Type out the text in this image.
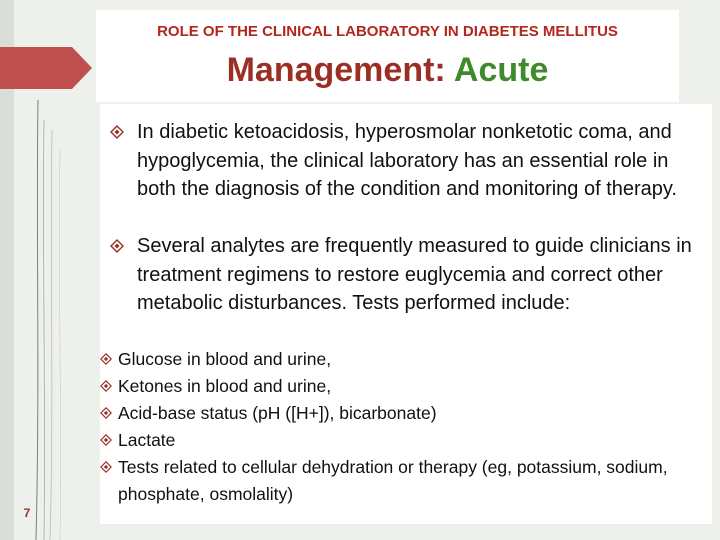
ROLE OF THE CLINICAL LABORATORY IN DIABETES MELLITUS
Management: Acute
In diabetic ketoacidosis, hyperosmolar nonketotic coma, and hypoglycemia, the clinical laboratory has an essential role in both the diagnosis of the condition and monitoring of therapy.
Several analytes are frequently measured to guide clinicians in treatment regimens to restore euglycemia and correct other metabolic disturbances. Tests performed include:
Glucose in blood and urine,
Ketones in blood and urine,
Acid-base status (pH ([H+]), bicarbonate)
Lactate
Tests related to cellular dehydration or therapy (eg, potassium, sodium, phosphate, osmolality)
7
